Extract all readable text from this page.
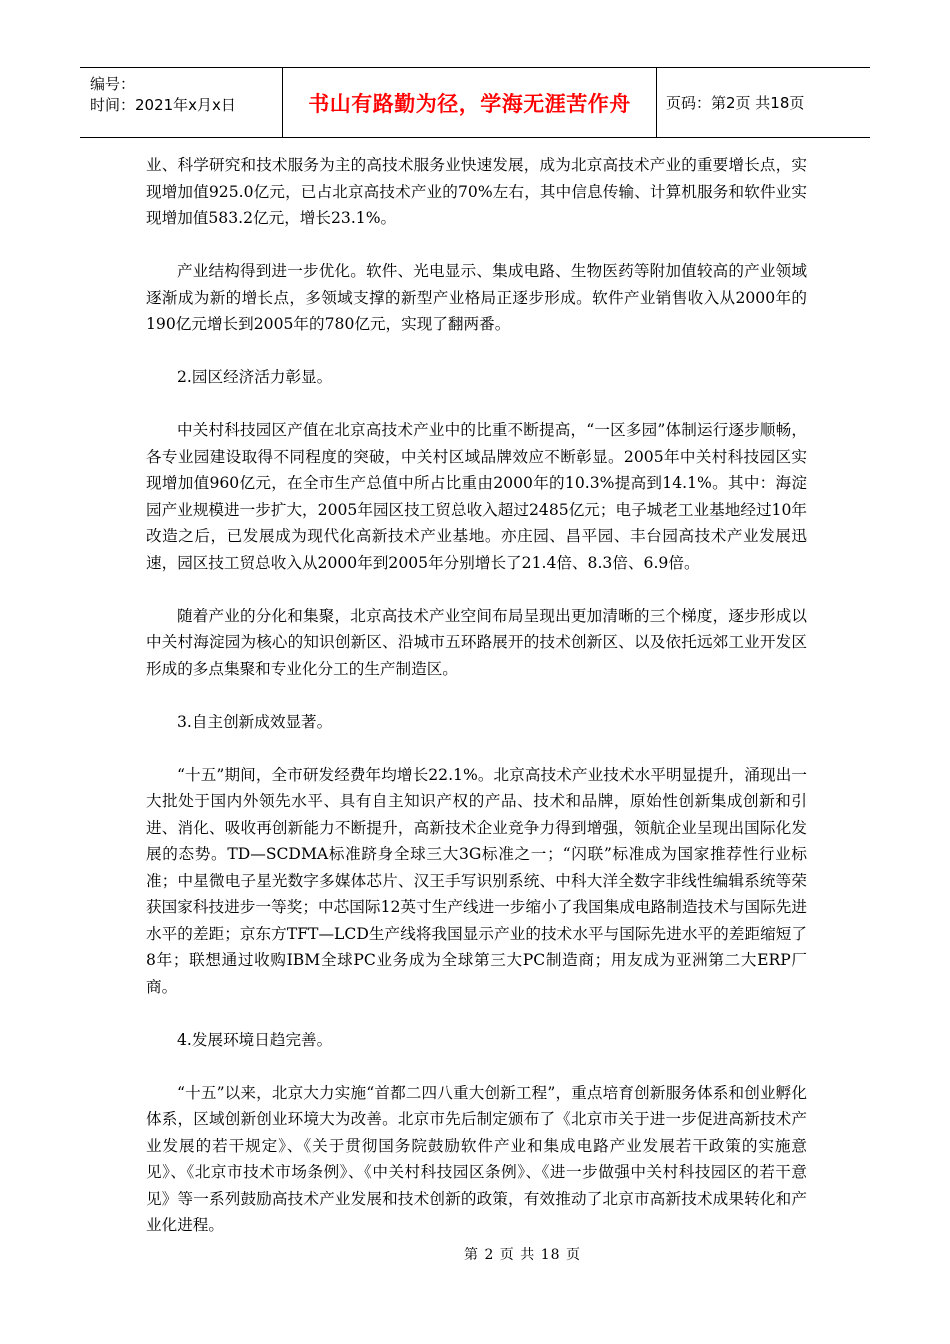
编号：
时间：2021年x月x日	书山有路勤为径，学海无涯苦作舟	页码：第2页 共18页

业、科学研究和技术服务为主的高技术服务业快速发展，成为北京高技术产业的重要增长点，实现增加值925.0亿元，已占北京高技术产业的70%左右，其中信息传输、计算机服务和软件业实现增加值583.2亿元，增长23.1%。

产业结构得到进一步优化。软件、光电显示、集成电路、生物医药等附加值较高的产业领域逐渐成为新的增长点，多领域支撑的新型产业格局正逐步形成。软件产业销售收入从2000年的190亿元增长到2005年的780亿元，实现了翻两番。

2.园区经济活力彰显。

中关村科技园区产值在北京高技术产业中的比重不断提高，“一区多园”体制运行逐步顺畅，各专业园建设取得不同程度的突破，中关村区域品牌效应不断彰显。2005年中关村科技园区实现增加值960亿元，在全市生产总值中所占比重由2000年的10.3%提高到14.1%。其中：海淀园产业规模进一步扩大，2005年园区技工贸总收入超过2485亿元；电子城老工业基地经过10年改造之后，已发展成为现代化高新技术产业基地。亦庄园、昌平园、丰台园高技术产业发展迅速，园区技工贸总收入从2000年到2005年分别增长了21.4倍、8.3倍、6.9倍。

随着产业的分化和集聚，北京高技术产业空间布局呈现出更加清晰的三个梯度，逐步形成以中关村海淀园为核心的知识创新区、沿城市五环路展开的技术创新区、以及依托远郊工业开发区形成的多点集聚和专业化分工的生产制造区。

3.自主创新成效显著。

“十五”期间，全市研发经费年均增长22.1%。北京高技术产业技术水平明显提升，涌现出一大批处于国内外领先水平、具有自主知识产权的产品、技术和品牌，原始性创新集成创新和引进、消化、吸收再创新能力不断提升，高新技术企业竞争力得到增强，领航企业呈现出国际化发展的态势。TD—SCDMA标准跻身全球三大3G标准之一；“闪联”标准成为国家推荐性行业标准；中星微电子星光数字多媒体芯片、汉王手写识别系统、中科大洋全数字非线性编辑系统等荣获国家科技进步一等奖；中芯国际12英寸生产线进一步缩小了我国集成电路制造技术与国际先进水平的差距；京东方TFT—LCD生产线将我国显示产业的技术水平与国际先进水平的差距缩短了8年；联想通过收购IBM全球PC业务成为全球第三大PC制造商；用友成为亚洲第二大ERP厂商。

4.发展环境日趋完善。

“十五”以来，北京大力实施“首都二四八重大创新工程”，重点培育创新服务体系和创业孵化体系，区域创新创业环境大为改善。北京市先后制定颁布了《北京市关于进一步促进高新技术产业发展的若干规定》、《关于贯彻国务院鼓励软件产业和集成电路产业发展若干政策的实施意见》、《北京市技术市场条例》、《中关村科技园区条例》、《进一步做强中关村科技园区的若干意见》等一系列鼓励高技术产业发展和技术创新的政策，有效推动了北京市高新技术成果转化和产业化进程。

第 2 页 共 18 页
